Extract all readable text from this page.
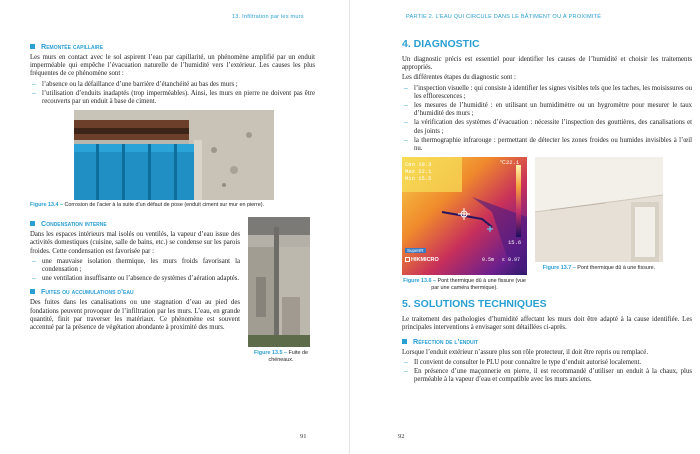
13. Infiltration par les murs
Remontée capillaire

Les murs en contact avec le sol aspirent l’eau par capillarité, un phénomène amplifié par un enduit imperméable qui empêche l’évacuation naturelle de l’humidité vers l’extérieur. Les causes les plus fréquentes de ce phénomène sont :

– l’absence ou la défaillance d’une barrière d’étanchéité au bas des murs ;
– l’utilisation d’enduits inadaptés (trop imperméables). Ainsi, les murs en pierre ne doivent pas être recouverts par un enduit à base de ciment.
Figure 13.4 – Corrosion de l’acier à la suite d’un défaut de pose (enduit ciment sur mur en pierre).
Condensation interne

Dans les espaces intérieurs mal isolés ou ventilés, la vapeur d’eau issue des activités domestiques (cuisine, salle de bains, etc.) se condense sur les parois froides. Cette condensation est favorisée par :

– une mauvaise isolation thermique, les murs froids favorisant la condensation ;
– une ventilation insuffisante ou l’absence de systèmes d’aération adaptés.
Fuites ou accumulations d’eau

Des fuites dans les canalisations ou une stagnation d’eau au pied des fondations peuvent provoquer de l’infiltration par les murs. L’eau, en grande quantité, finit par traverser les matériaux. Ce phénomène est souvent accentué par la présence de végétation abondante à proximité des murs.

Figure 13.5 – Fuite de chéneaux.
91
PARTIE 2. L’EAU QUI CIRCULE DANS LE BÂTIMENT OU À PROXIMITÉ
4. DIAGNOSTIC

Un diagnostic précis est essentiel pour identifier les causes de l’humidité et choisir les traitements appropriés.

Les différentes étapes du diagnostic sont :

– l’inspection visuelle : qui consiste à identifier les signes visibles tels que les taches, les moisissures ou les efflorescences ;
– les mesures de l’humidité : en utilisant un humidimètre ou un hygromètre pour mesurer le taux d’humidité des murs ;
– la vérification des systèmes d’évacuation : nécessite l’inspection des gouttières, des canalisations et des joints ;
– la thermographie infrarouge : permettant de détecter les zones froides ou humides invisibles à l’œil nu.
Cen 19.3
Max 22.1
Min 15.5
°C 22.1
15.6
SuperIR
HIKMICRO	0.5m ε 0.97
Figure 13.6 – Pont thermique dû à une fissure (vue par une caméra thermique).
Figure 13.7 – Pont thermique dû à une fissure.
5. SOLUTIONS TECHNIQUES

Le traitement des pathologies d’humidité affectant les murs doit être adapté à la cause identifiée. Les principales interventions à envisager sont détaillées ci-après.

Réfection de l’enduit

Lorsque l’enduit extérieur n’assure plus son rôle protecteur, il doit être repris ou remplacé.

– Il convient de consulter le PLU pour connaître le type d’enduit autorisé localement.
– En présence d’une maçonnerie en pierre, il est recommandé d’utiliser un enduit à la chaux, plus perméable à la vapeur d’eau et compatible avec les murs anciens.
92
